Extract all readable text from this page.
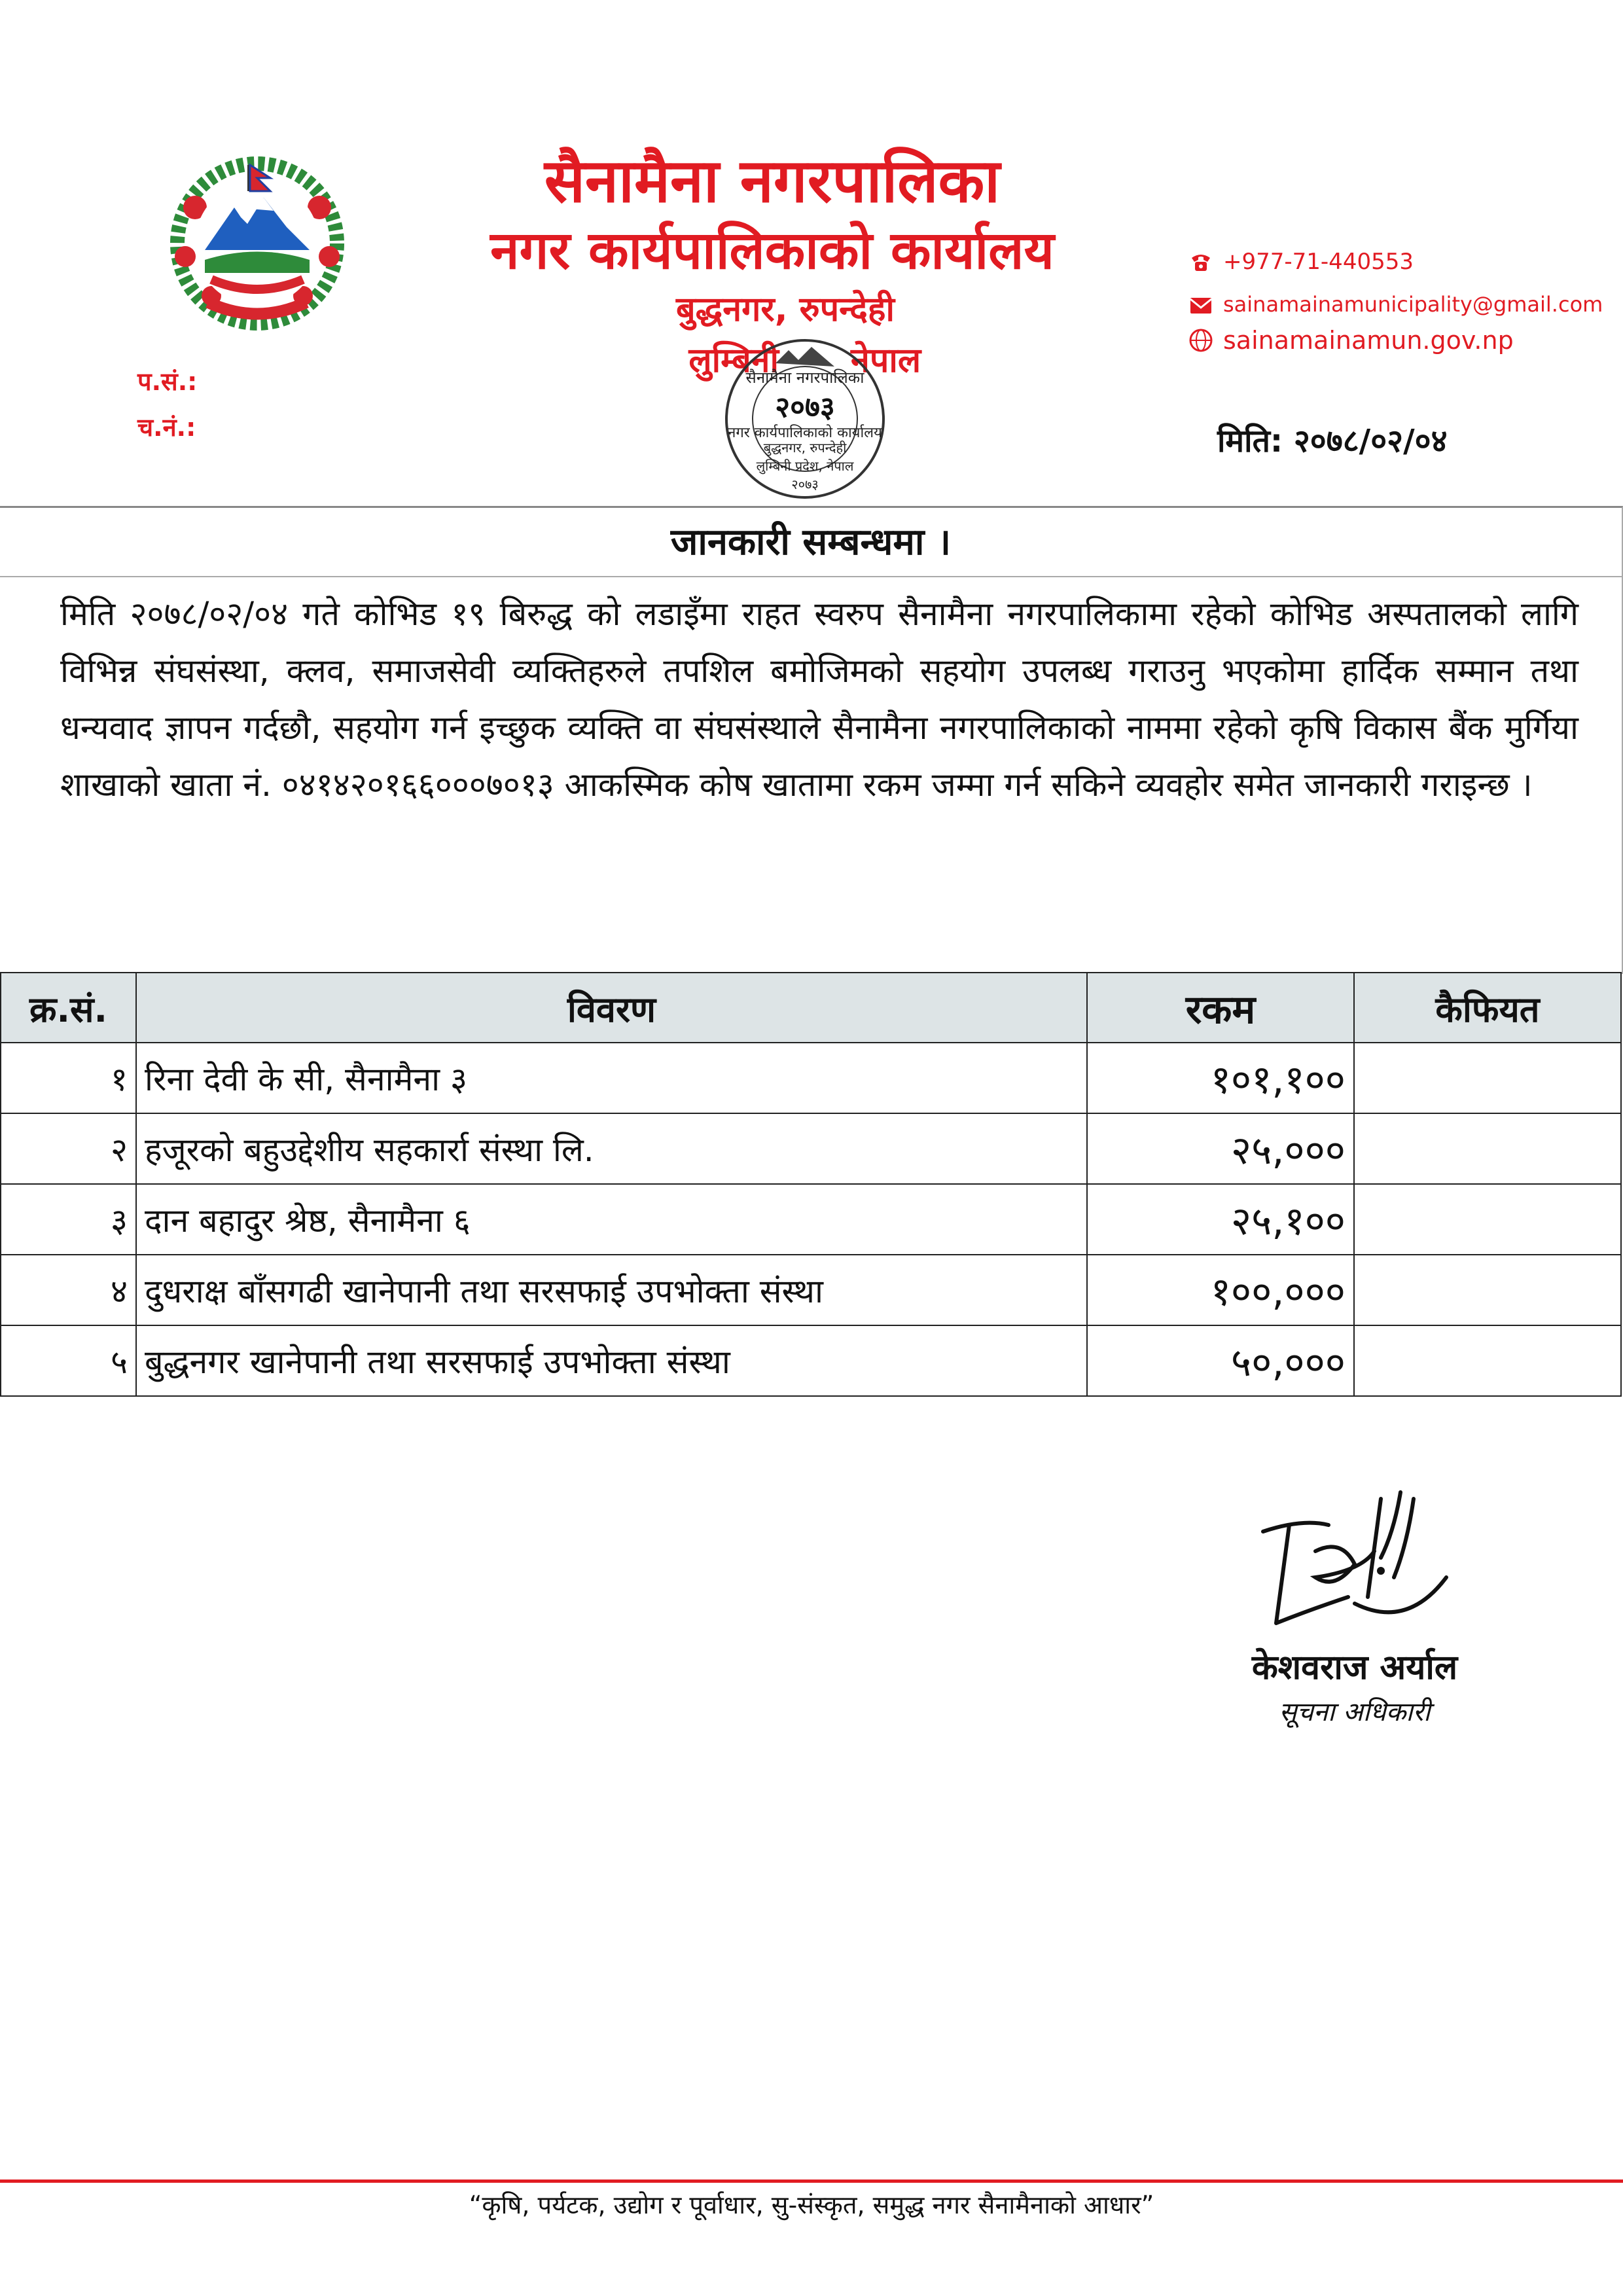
सैनामैना नगरपालिका
नगर कार्यपालिकाको कार्यालय
बुद्धनगर, रुपन्देही
लुम्बिनी नेपाल
प.सं.:
च.नं.:
+977-71-440553
sainamainamunicipality@gmail.com
sainamainamun.gov.np
मिति: २०७८/०२/०४
सैनामैना नगरपालिका
२०७३
नगर कार्यपालिकाको कार्यालय
बुद्धनगर, रुपन्देही
लुम्बिनी प्रदेश, नेपाल
२०७३
जानकारी सम्बन्धमा ।
मिति २०७८/०२/०४ गते कोभिड १९ बिरुद्ध को लडाइँमा राहत स्वरुप सैनामैना नगरपालिकामा रहेको कोभिड अस्पतालको लागि विभिन्न संघसंस्था, क्लव, समाजसेवी व्यक्तिहरुले तपशिल बमोजिमको सहयोग उपलब्ध गराउनु भएकोमा हार्दिक सम्मान तथा धन्यवाद ज्ञापन गर्दछौ, सहयोग गर्न इच्छुक व्यक्ति वा संघसंस्थाले सैनामैना नगरपालिकाको नाममा रहेको कृषि विकास बैंक मुर्गिया शाखाको खाता नं. ०४१४२०१६६०००७०१३ आकस्मिक कोष खातामा रकम जम्मा गर्न सकिने व्यवहोर समेत जानकारी गराइन्छ ।
क्र.सं.	विवरण	रकम	कैफियत
१	रिना देवी के सी, सैनामैना ३	१०१,१००	
२	हजूरको बहुउद्देशीय सहकार्रा संस्था लि.	२५,०००	
३	दान बहादुर श्रेष्ठ, सैनामैना ६	२५,१००	
४	दुधराक्ष बाँसगढी खानेपानी तथा सरसफाई उपभोक्ता संस्था	१००,०००	
५	बुद्धनगर खानेपानी तथा सरसफाई उपभोक्ता संस्था	५०,०००	
केशवराज अर्याल
सूचना अधिकारी
“कृषि, पर्यटक, उद्योग र पूर्वाधार, सु-संस्कृत, समुद्ध नगर सैनामैनाको आधार”
